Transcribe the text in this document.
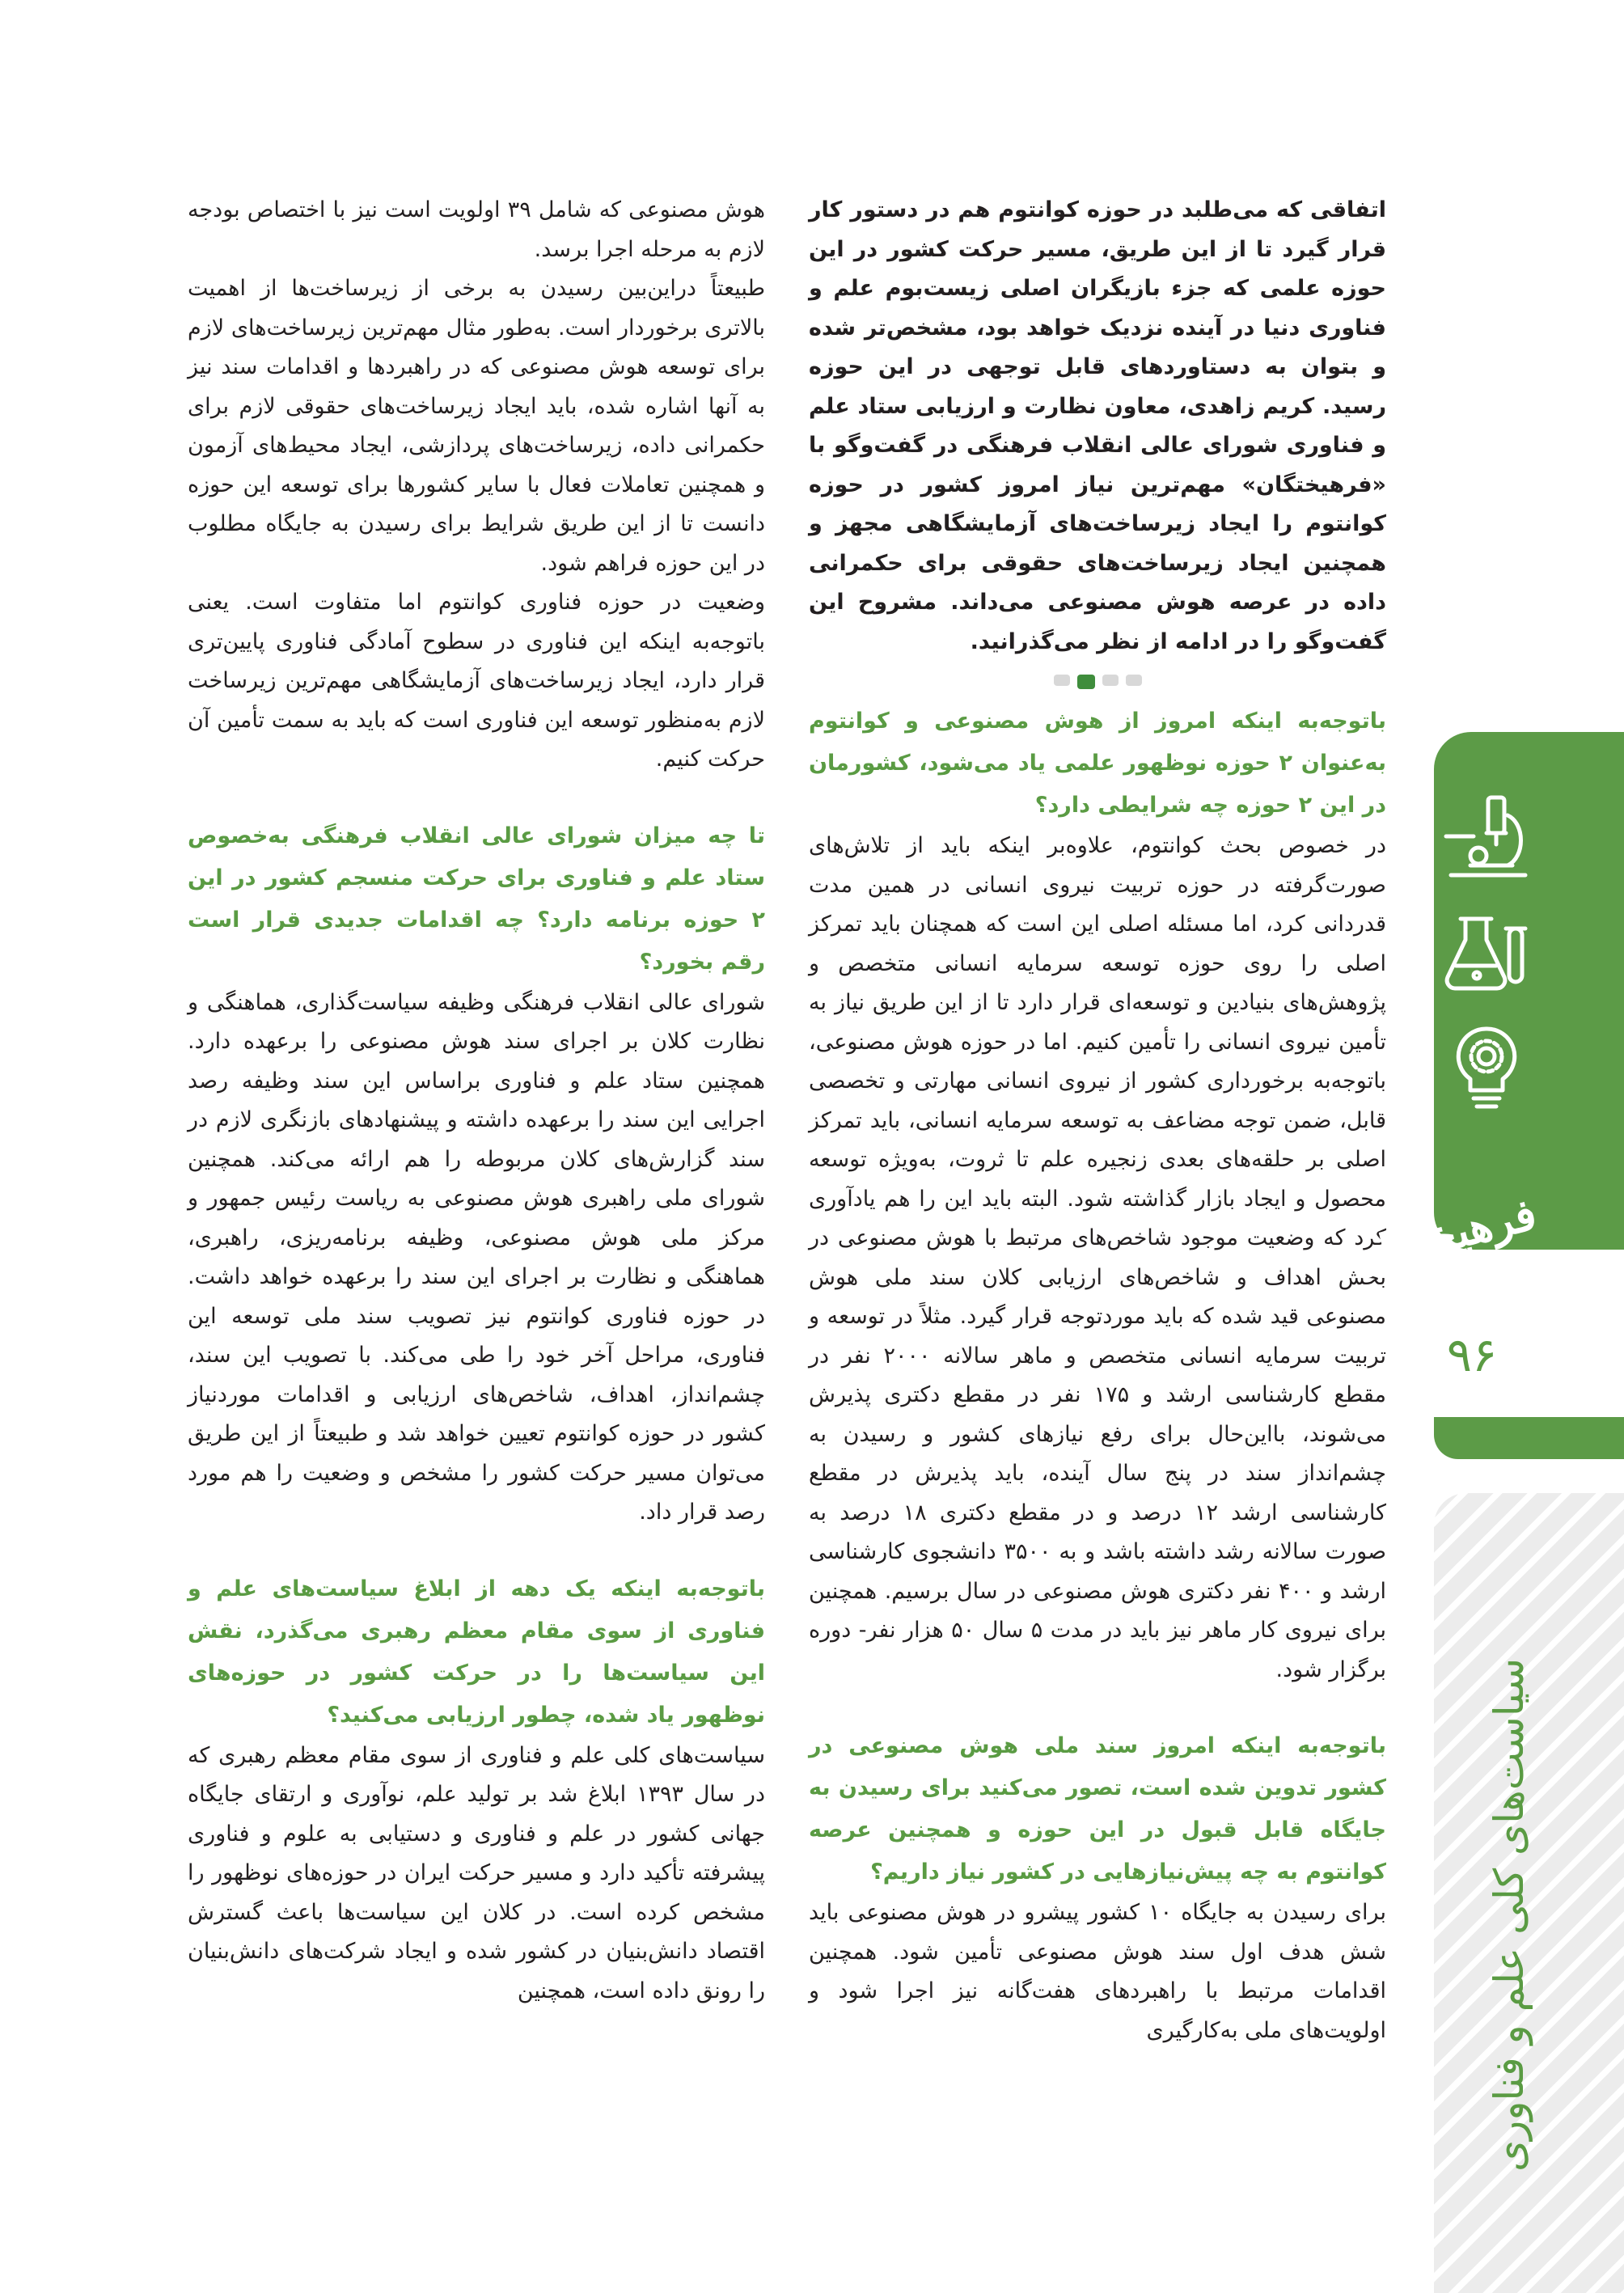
اتفاقی که می‌طلبد در حوزه کوانتوم هم در دستور کار قرار گیرد تا از این طریق، مسیر حرکت کشور در این حوزه علمی که جزء بازیگران اصلی زیست‌بوم علم و فناوری دنیا در آینده نزدیک خواهد بود، مشخص‌تر شده و بتوان به دستاوردهای قابل توجهی در این حوزه رسید. کریم زاهدی، معاون نظارت و ارزیابی ستاد علم و فناوری شورای عالی انقلاب فرهنگی در گفت‌وگو با «فرهیختگان» مهم‌ترین نیاز امروز کشور در حوزه کوانتوم را ایجاد زیرساخت‌های آزمایشگاهی مجهز و همچنین ایجاد زیرساخت‌های حقوقی برای حکمرانی داده در عرصه هوش مصنوعی می‌داند. مشروح این گفت‌وگو را در ادامه از نظر می‌گذرانید.

باتوجه‌به اینکه امروز از هوش مصنوعی و کوانتوم به‌عنوان ۲ حوزه نوظهور علمی یاد می‌شود، کشورمان در این ۲ حوزه چه شرایطی دارد؟

در خصوص بحث کوانتوم، علاوه‌بر اینکه باید از تلاش‌های صورت‌گرفته در حوزه تربیت نیروی انسانی در همین مدت قدردانی کرد، اما مسئله اصلی این است که همچنان باید تمرکز اصلی را روی حوزه توسعه سرمایه انسانی متخصص و پژوهش‌های بنیادین و توسعه‌ای قرار دارد تا از این طریق نیاز به تأمین نیروی انسانی را تأمین کنیم. اما در حوزه هوش مصنوعی، باتوجه‌به برخورداری کشور از نیروی انسانی مهارتی و تخصصی قابل، ضمن توجه مضاعف به توسعه سرمایه انسانی، باید تمرکز اصلی بر حلقه‌های بعدی زنجیره علم تا ثروت، به‌ویژه توسعه محصول و ایجاد بازار گذاشته شود. البته باید این را هم یادآوری کرد که وضعیت موجود شاخص‌های مرتبط با هوش مصنوعی در بخش اهداف و شاخص‌های ارزیابی کلان سند ملی هوش مصنوعی قید شده که باید موردتوجه قرار گیرد. مثلاً در توسعه و تربیت سرمایه انسانی متخصص و ماهر سالانه ۲۰۰۰ نفر در مقطع کارشناسی ارشد و ۱۷۵ نفر در مقطع دکتری پذیرش می‌شوند، بااین‌حال برای رفع نیازهای کشور و رسیدن به چشم‌انداز سند در پنج سال آینده، باید پذیرش در مقطع کارشناسی ارشد ۱۲ درصد و در مقطع دکتری ۱۸ درصد به صورت سالانه رشد داشته باشد و به ۳۵۰۰ دانشجوی کارشناسی ارشد و ۴۰۰ نفر دکتری هوش مصنوعی در سال برسیم. همچنین برای نیروی کار ماهر نیز باید در مدت ۵ سال ۵۰ هزار نفر- دوره برگزار شود.

باتوجه‌به اینکه امروز سند ملی هوش مصنوعی در کشور تدوین شده است، تصور می‌کنید برای رسیدن به جایگاه قابل قبول در این حوزه و همچنین عرصه کوانتوم به چه پیش‌نیازهایی در کشور نیاز داریم؟

برای رسیدن به جایگاه ۱۰ کشور پیشرو در هوش مصنوعی باید شش هدف اول سند هوش مصنوعی تأمین شود. همچنین اقدامات مرتبط با راهبردهای هفت‌گانه نیز اجرا شود و اولویت‌های ملی به‌کارگیری

هوش مصنوعی که شامل ۳۹ اولویت است نیز با اختصاص بودجه لازم به مرحله اجرا برسد.

طبیعتاً دراین‌بین رسیدن به برخی از زیرساخت‌ها از اهمیت بالاتری برخوردار است. به‌طور مثال مهم‌ترین زیرساخت‌های لازم برای توسعه هوش مصنوعی که در راهبردها و اقدامات سند نیز به آنها اشاره شده، باید ایجاد زیرساخت‌های حقوقی لازم برای حکمرانی داده، زیرساخت‌های پردازشی، ایجاد محیط‌های آزمون و همچنین تعاملات فعال با سایر کشورها برای توسعه این حوزه دانست تا از این طریق شرایط برای رسیدن به جایگاه مطلوب در این حوزه فراهم شود.

وضعیت در حوزه فناوری کوانتوم اما متفاوت است. یعنی باتوجه‌به اینکه این فناوری در سطوح آمادگی فناوری پایین‌تری قرار دارد، ایجاد زیرساخت‌های آزمایشگاهی مهم‌ترین زیرساخت لازم به‌منظور توسعه این فناوری است که باید به سمت تأمین آن حرکت کنیم.

تا چه میزان شورای عالی انقلاب فرهنگی به‌خصوص ستاد علم و فناوری برای حرکت منسجم کشور در این ۲ حوزه برنامه دارد؟ چه اقدامات جدیدی قرار است رقم بخورد؟

شورای عالی انقلاب فرهنگی وظیفه سیاست‌گذاری، هماهنگی و نظارت کلان بر اجرای سند هوش مصنوعی را برعهده دارد. همچنین ستاد علم و فناوری براساس این سند وظیفه رصد اجرایی این سند را برعهده داشته و پیشنهادهای بازنگری لازم در سند گزارش‌های کلان مربوطه را هم ارائه می‌کند. همچنین شورای ملی راهبری هوش مصنوعی به ریاست رئیس جمهور و مرکز ملی هوش مصنوعی، وظیفه برنامه‌ریزی، راهبری، هماهنگی و نظارت بر اجرای این سند را برعهده خواهد داشت. در حوزه فناوری کوانتوم نیز تصویب سند ملی توسعه این فناوری، مراحل آخر خود را طی می‌کند. با تصویب این سند، چشم‌انداز، اهداف، شاخص‌های ارزیابی و اقدامات موردنیاز کشور در حوزه کوانتوم تعیین خواهد شد و طبیعتاً از این طریق می‌توان مسیر حرکت کشور را مشخص و وضعیت را هم مورد رصد قرار داد.

باتوجه‌به اینکه یک دهه از ابلاغ سیاست‌های علم و فناوری از سوی مقام معظم رهبری می‌گذرد، نقش این سیاست‌ها را در حرکت کشور در حوزه‌های نوظهور یاد شده، چطور ارزیابی می‌کنید؟

سیاست‌های کلی علم و فناوری از سوی مقام معظم رهبری که در سال ۱۳۹۳ ابلاغ شد بر تولید علم، نوآوری و ارتقای جایگاه جهانی کشور در علم و فناوری و دستیابی به علوم و فناوری پیشرفته تأکید دارد و مسیر حرکت ایران در حوزه‌های نوظهور را مشخص کرده است. در کلان این سیاست‌ها باعث گسترش اقتصاد دانش‌بنیان در کشور شده و ایجاد شرکت‌های دانش‌بنیان را رونق داده است، همچنین

فرهیختگان
۹۶
سیاست‌های کلی علم و فناوری
